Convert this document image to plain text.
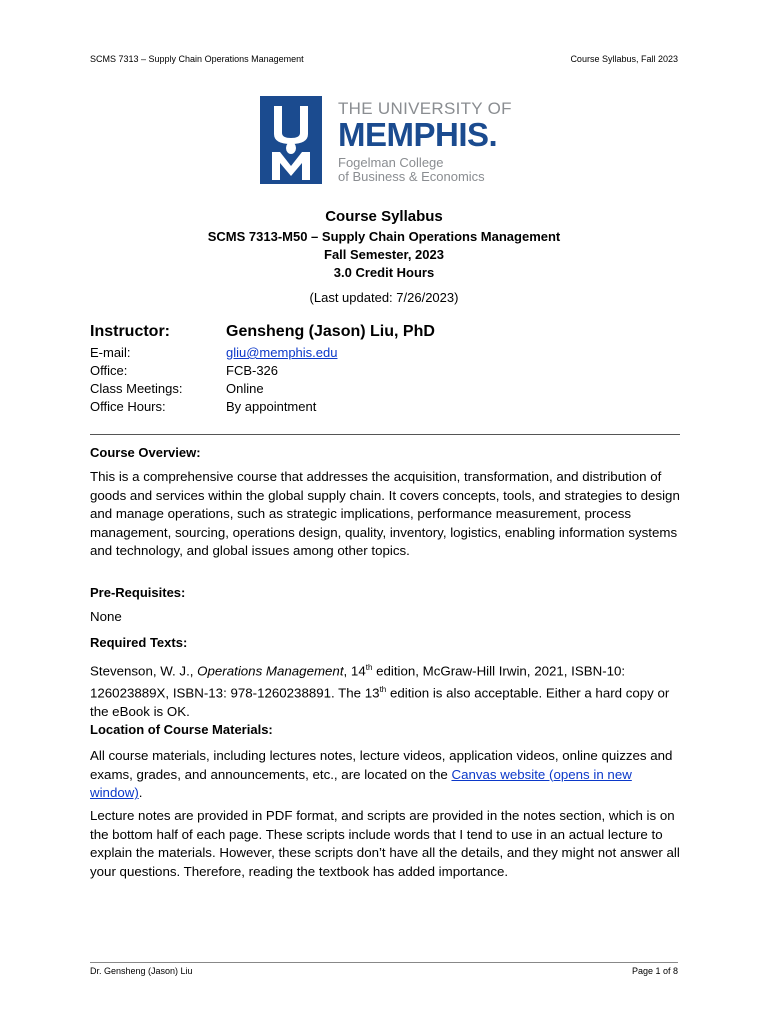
SCMS 7313 – Supply Chain Operations Management	Course Syllabus, Fall 2023
THE UNIVERSITY OF
MEMPHIS.
Fogelman College
of Business & Economics
Course Syllabus
SCMS 7313-M50 – Supply Chain Operations Management
Fall Semester, 2023
3.0 Credit Hours
(Last updated: 7/26/2023)
Instructor:	Gensheng (Jason) Liu, PhD
E-mail:	gliu@memphis.edu
Office:	FCB-326
Class Meetings:	Online
Office Hours:	By appointment
Course Overview:
This is a comprehensive course that addresses the acquisition, transformation, and distribution of goods and services within the global supply chain. It covers concepts, tools, and strategies to design and manage operations, such as strategic implications, performance measurement, process management, sourcing, operations design, quality, inventory, logistics, enabling information systems and technology, and global issues among other topics.
Pre-Requisites:
None
Required Texts:
Stevenson, W. J., Operations Management, 14th edition, McGraw-Hill Irwin, 2021, ISBN-10: 126023889X, ISBN-13: 978-1260238891. The 13th edition is also acceptable. Either a hard copy or the eBook is OK.
Location of Course Materials:
All course materials, including lectures notes, lecture videos, application videos, online quizzes and exams, grades, and announcements, etc., are located on the Canvas website (opens in new window).
Lecture notes are provided in PDF format, and scripts are provided in the notes section, which is on the bottom half of each page. These scripts include words that I tend to use in an actual lecture to explain the materials. However, these scripts don’t have all the details, and they might not answer all your questions. Therefore, reading the textbook has added importance.
Dr. Gensheng (Jason) Liu	Page 1 of 8
